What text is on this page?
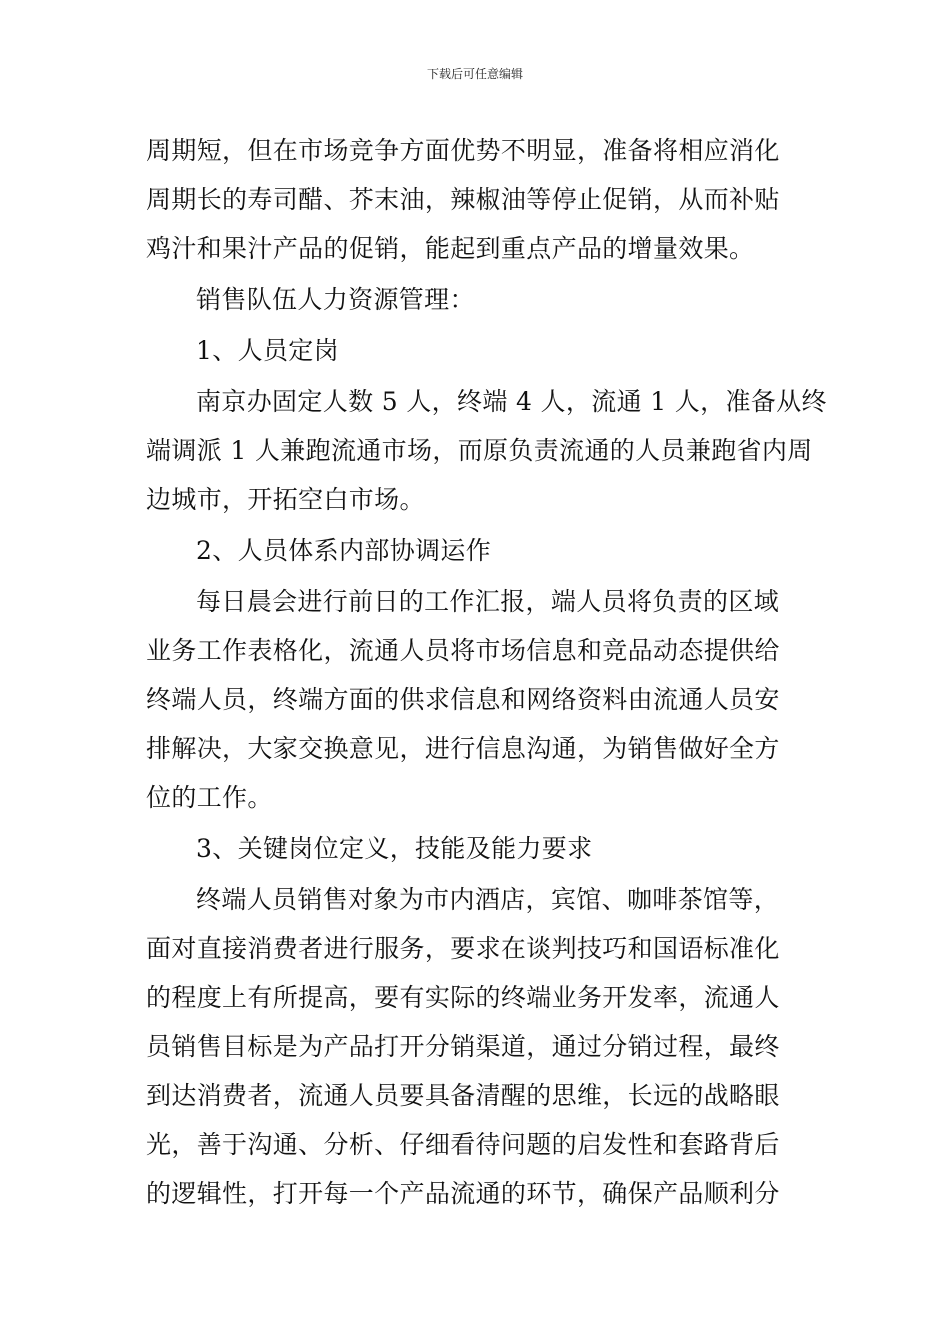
下载后可任意编辑
周期短，但在市场竞争方面优势不明显，准备将相应消化
周期长的寿司醋、芥末油，辣椒油等停止促销，从而补贴
鸡汁和果汁产品的促销，能起到重点产品的增量效果。
销售队伍人力资源管理：
1、人员定岗
南京办固定人数 5 人，终端 4 人，流通 1 人，准备从终
端调派 1 人兼跑流通市场，而原负责流通的人员兼跑省内周
边城市，开拓空白市场。
2、人员体系内部协调运作
每日晨会进行前日的工作汇报，端人员将负责的区域
业务工作表格化，流通人员将市场信息和竞品动态提供给
终端人员，终端方面的供求信息和网络资料由流通人员安
排解决，大家交换意见，进行信息沟通，为销售做好全方
位的工作。
3、关键岗位定义，技能及能力要求
终端人员销售对象为市内酒店，宾馆、咖啡茶馆等，
面对直接消费者进行服务，要求在谈判技巧和国语标准化
的程度上有所提高，要有实际的终端业务开发率，流通人
员销售目标是为产品打开分销渠道，通过分销过程，最终
到达消费者，流通人员要具备清醒的思维，长远的战略眼
光，善于沟通、分析、仔细看待问题的启发性和套路背后
的逻辑性，打开每一个产品流通的环节，确保产品顺利分
